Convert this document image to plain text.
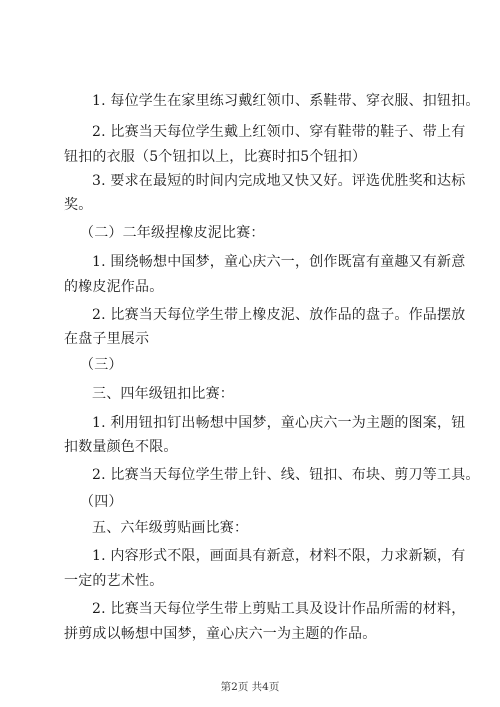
1. 每位学生在家里练习戴红领巾、系鞋带、穿衣服、扣钮扣。
2. 比赛当天每位学生戴上红领巾、穿有鞋带的鞋子、带上有
钮扣的衣服（5个钮扣以上，比赛时扣5个钮扣）
3. 要求在最短的时间内完成地又快又好。评选优胜奖和达标
奖。
（二）二年级捏橡皮泥比赛：
1. 围绕畅想中国梦，童心庆六一，创作既富有童趣又有新意
的橡皮泥作品。
2. 比赛当天每位学生带上橡皮泥、放作品的盘子。作品摆放
在盘子里展示
（三）
三、四年级钮扣比赛：
1. 利用钮扣钉出畅想中国梦，童心庆六一为主题的图案，钮
扣数量颜色不限。
2. 比赛当天每位学生带上针、线、钮扣、布块、剪刀等工具。
（四）
五、六年级剪贴画比赛：
1. 内容形式不限，画面具有新意，材料不限，力求新颖，有
一定的艺术性。
2. 比赛当天每位学生带上剪贴工具及设计作品所需的材料，
拼剪成以畅想中国梦，童心庆六一为主题的作品。
第2页 共4页
